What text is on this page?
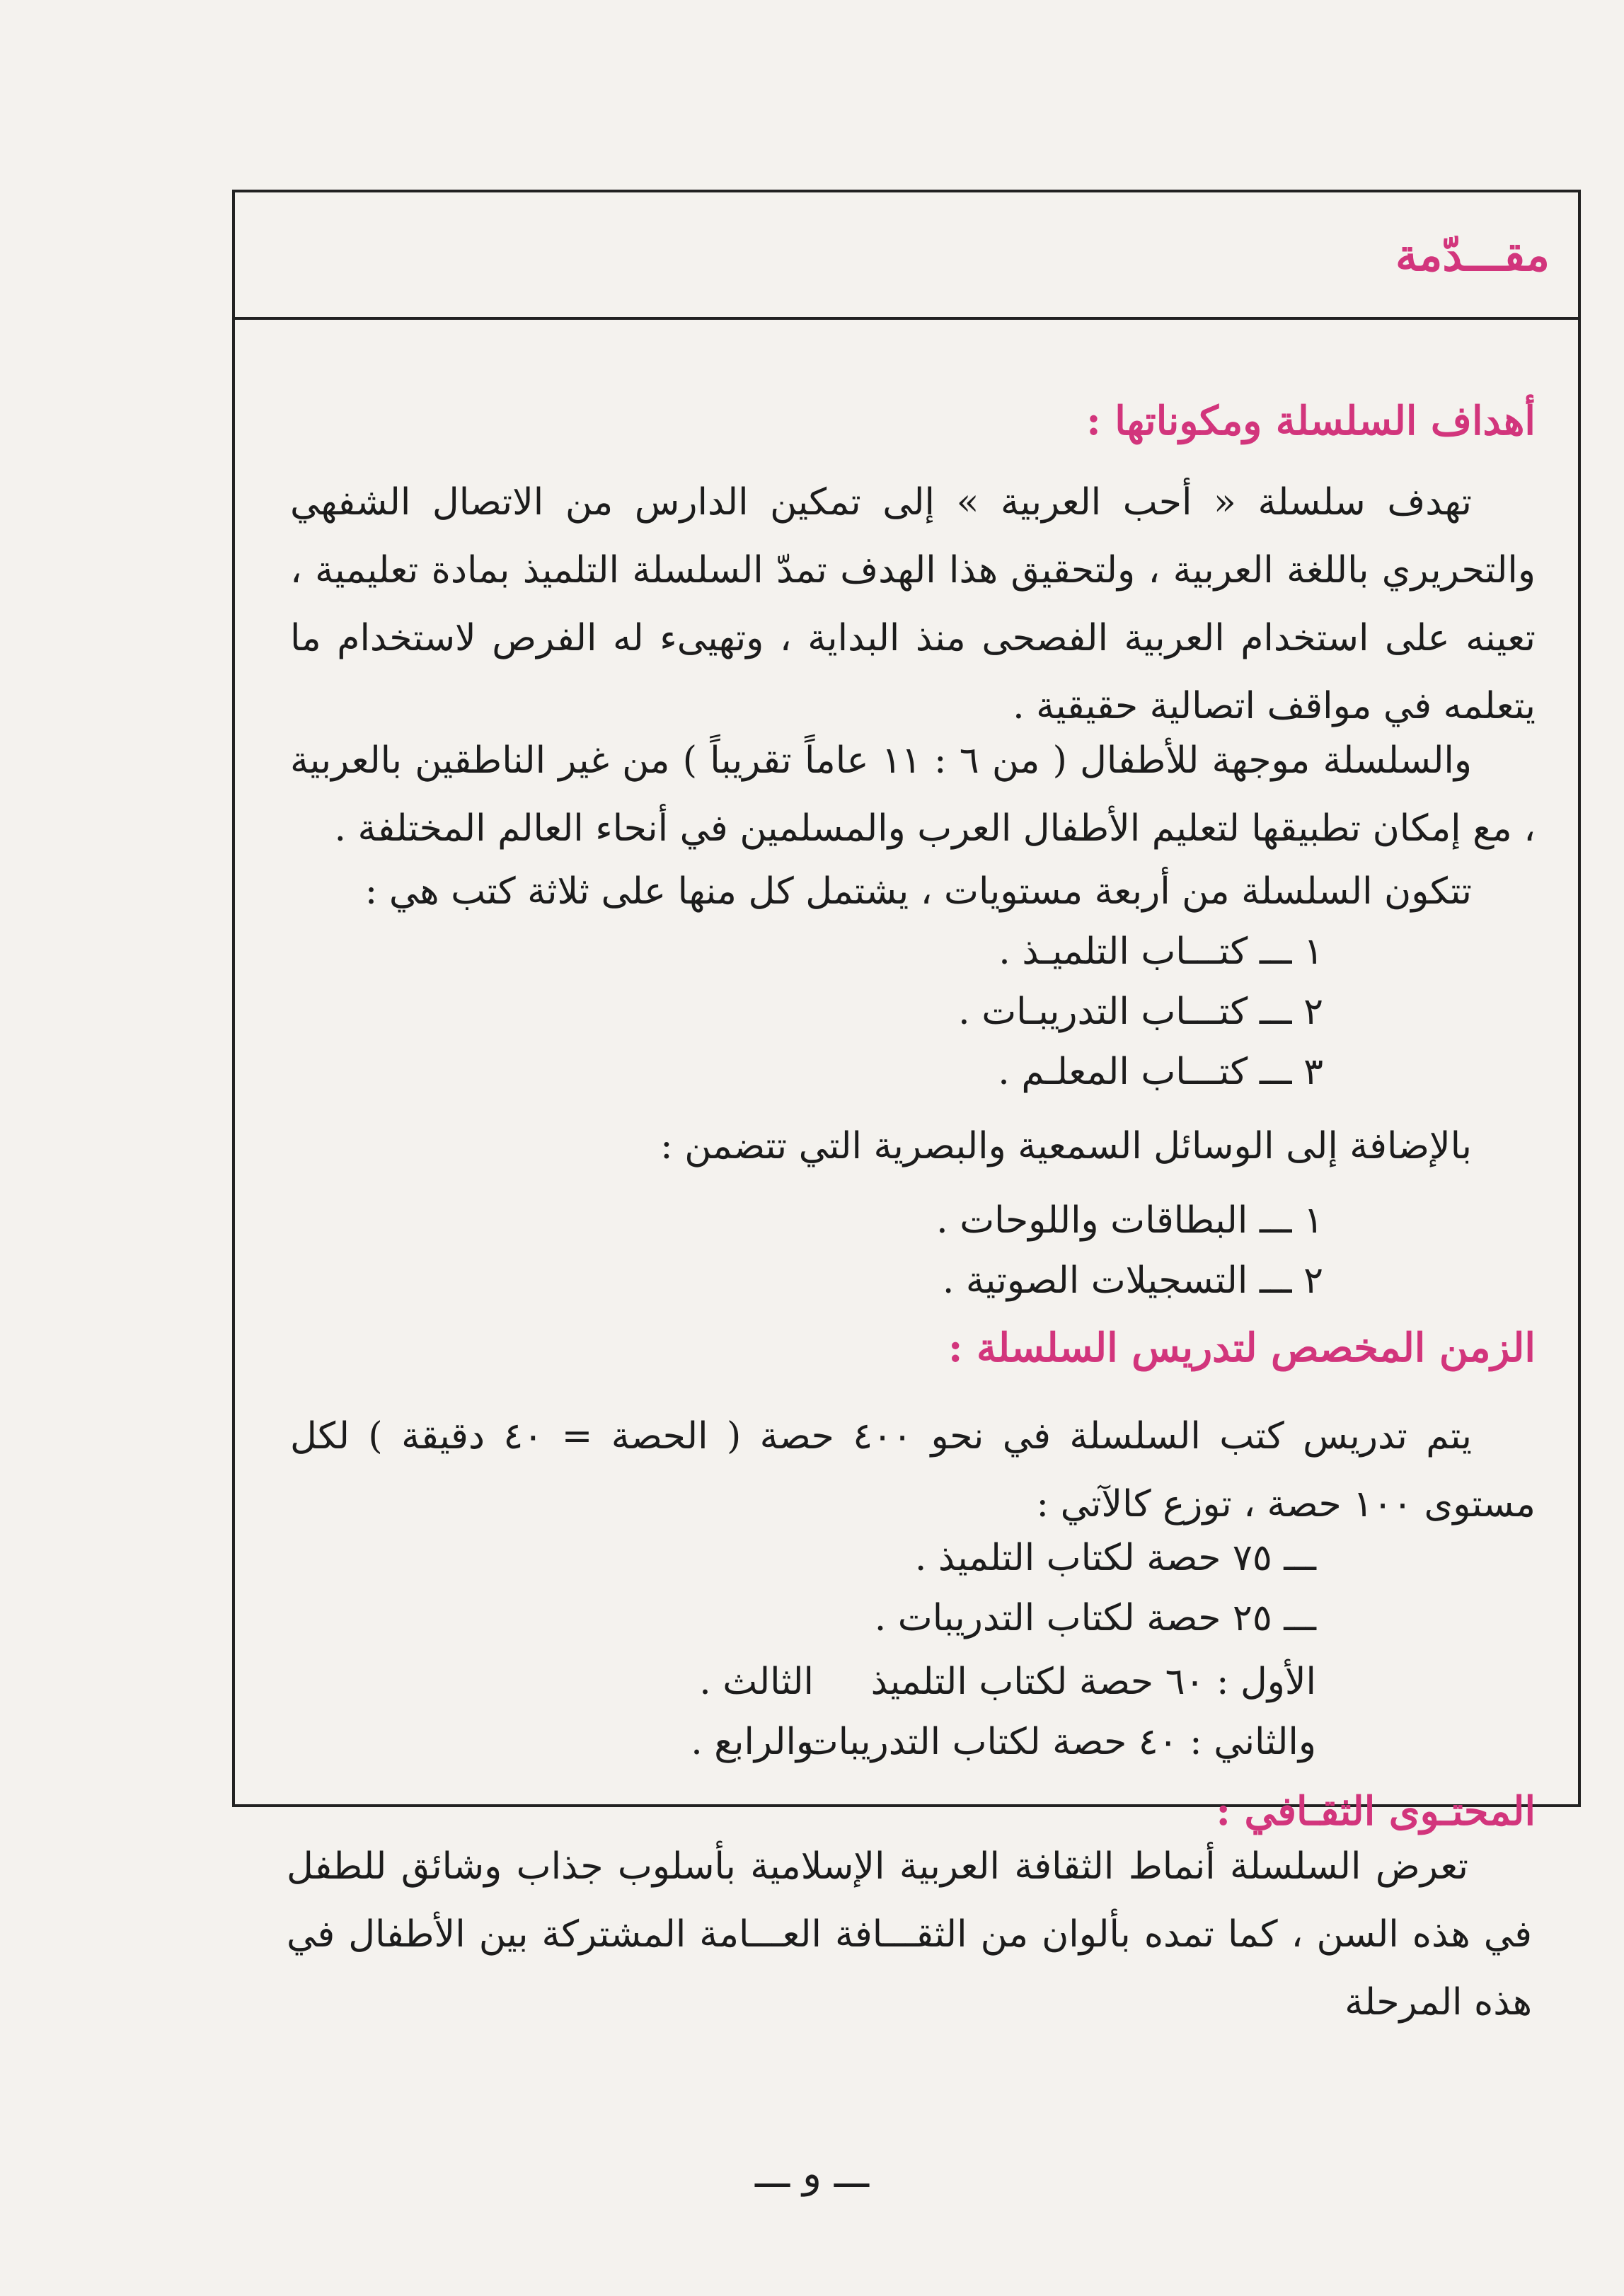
مقـــدّمة
أهداف السلسلة ومكوناتها :
تهدف سلسلة « أحب العربية » إلى تمكين الدارس من الاتصال الشفهي والتحريري باللغة العربية ، ولتحقيق هذا الهدف تمدّ السلسلة التلميذ بمادة تعليمية ، تعينه على استخدام العربية الفصحى منذ البداية ، وتهيىء له الفرص لاستخدام ما يتعلمه في مواقف اتصالية حقيقية .
والسلسلة موجهة للأطفال ( من ٦ : ١١ عاماً تقريباً ) من غير الناطقين بالعربية ، مع إمكان تطبيقها لتعليم الأطفال العرب والمسلمين في أنحاء العالم المختلفة .
تتكون السلسلة من أربعة مستويات ، يشتمل كل منها على ثلاثة كتب هي :
١ ـــ كتـــاب التلميـذ .
٢ ـــ كتـــاب التدريبـات .
٣ ـــ كتـــاب المعلـم .
بالإضافة إلى الوسائل السمعية والبصرية التي تتضمن :
١ ـــ البطاقات واللوحات .
٢ ـــ التسجيلات الصوتية .
الزمن المخصص لتدريس السلسلة :
يتم تدريس كتب السلسلة في نحو ٤٠٠ حصة ( الحصة = ٤٠ دقيقة ) لكل مستوى ١٠٠ حصة ، توزع كالآتي :
ـــ ٧٥ حصة لكتاب التلميذ .
ـــ ٢٥ حصة لكتاب التدريبات .
الأول : ٦٠ حصة لكتاب التلميذ
الثالث .
والثاني : ٤٠ حصة لكتاب التدريبات
والرابع .
المحتـوى الثقـافي :
تعرض السلسلة أنماط الثقافة العربية الإسلامية بأسلوب جذاب وشائق للطفل في هذه السن ، كما تمده بألوان من الثقـــافة العـــامة المشتركة بين الأطفال في هذه المرحلة
ـــ و ـــ
